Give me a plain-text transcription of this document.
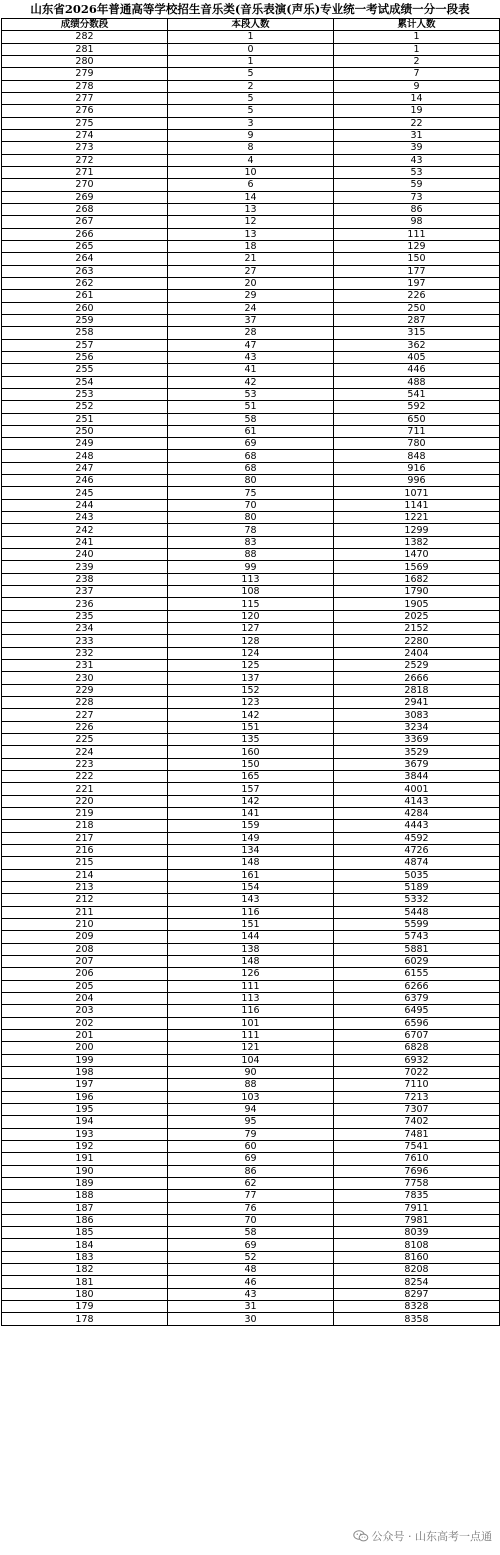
山东省2026年普通高等学校招生音乐类(音乐表演(声乐)专业统一考试成绩一分一段表
成绩分数段	本段人数	累计人数
282	1	1
281	0	1
280	1	2
279	5	7
278	2	9
277	5	14
276	5	19
275	3	22
274	9	31
273	8	39
272	4	43
271	10	53
270	6	59
269	14	73
268	13	86
267	12	98
266	13	111
265	18	129
264	21	150
263	27	177
262	20	197
261	29	226
260	24	250
259	37	287
258	28	315
257	47	362
256	43	405
255	41	446
254	42	488
253	53	541
252	51	592
251	58	650
250	61	711
249	69	780
248	68	848
247	68	916
246	80	996
245	75	1071
244	70	1141
243	80	1221
242	78	1299
241	83	1382
240	88	1470
239	99	1569
238	113	1682
237	108	1790
236	115	1905
235	120	2025
234	127	2152
233	128	2280
232	124	2404
231	125	2529
230	137	2666
229	152	2818
228	123	2941
227	142	3083
226	151	3234
225	135	3369
224	160	3529
223	150	3679
222	165	3844
221	157	4001
220	142	4143
219	141	4284
218	159	4443
217	149	4592
216	134	4726
215	148	4874
214	161	5035
213	154	5189
212	143	5332
211	116	5448
210	151	5599
209	144	5743
208	138	5881
207	148	6029
206	126	6155
205	111	6266
204	113	6379
203	116	6495
202	101	6596
201	111	6707
200	121	6828
199	104	6932
198	90	7022
197	88	7110
196	103	7213
195	94	7307
194	95	7402
193	79	7481
192	60	7541
191	69	7610
190	86	7696
189	62	7758
188	77	7835
187	76	7911
186	70	7981
185	58	8039
184	69	8108
183	52	8160
182	48	8208
181	46	8254
180	43	8297
179	31	8328
178	30	8358
公众号 · 山东高考一点通
